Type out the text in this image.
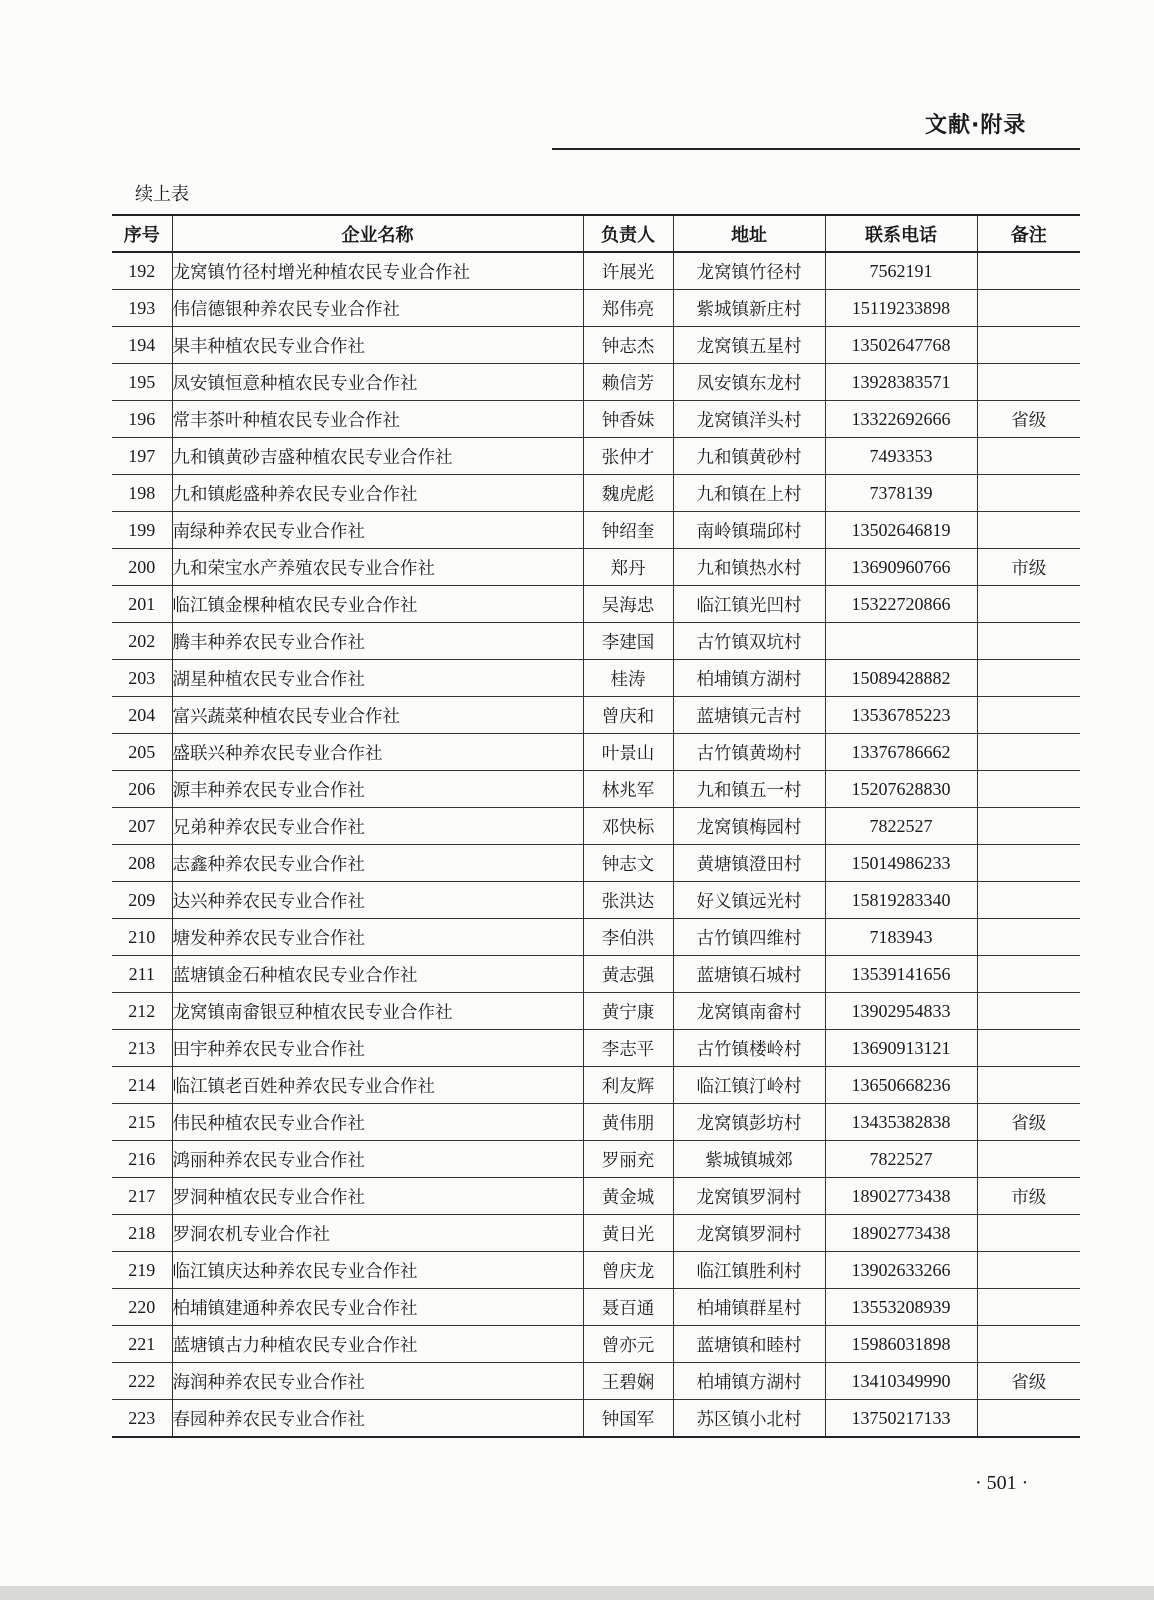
文献·附录
续上表
序号	企业名称	负责人	地址	联系电话	备注
192	龙窝镇竹径村增光种植农民专业合作社	许展光	龙窝镇竹径村	7562191	
193	伟信德银种养农民专业合作社	郑伟亮	紫城镇新庄村	15119233898	
194	果丰种植农民专业合作社	钟志杰	龙窝镇五星村	13502647768	
195	凤安镇恒意种植农民专业合作社	赖信芳	凤安镇东龙村	13928383571	
196	常丰茶叶种植农民专业合作社	钟香妹	龙窝镇洋头村	13322692666	省级
197	九和镇黄砂吉盛种植农民专业合作社	张仲才	九和镇黄砂村	7493353	
198	九和镇彪盛种养农民专业合作社	魏虎彪	九和镇在上村	7378139	
199	南绿种养农民专业合作社	钟绍奎	南岭镇瑞邱村	13502646819	
200	九和荣宝水产养殖农民专业合作社	郑丹	九和镇热水村	13690960766	市级
201	临江镇金棵种植农民专业合作社	吴海忠	临江镇光凹村	15322720866	
202	腾丰种养农民专业合作社	李建国	古竹镇双坑村		
203	湖星种植农民专业合作社	桂涛	柏埔镇方湖村	15089428882	
204	富兴蔬菜种植农民专业合作社	曾庆和	蓝塘镇元吉村	13536785223	
205	盛联兴种养农民专业合作社	叶景山	古竹镇黄坳村	13376786662	
206	源丰种养农民专业合作社	林兆军	九和镇五一村	15207628830	
207	兄弟种养农民专业合作社	邓快标	龙窝镇梅园村	7822527	
208	志鑫种养农民专业合作社	钟志文	黄塘镇澄田村	15014986233	
209	达兴种养农民专业合作社	张洪达	好义镇远光村	15819283340	
210	塘发种养农民专业合作社	李伯洪	古竹镇四维村	7183943	
211	蓝塘镇金石种植农民专业合作社	黄志强	蓝塘镇石城村	13539141656	
212	龙窝镇南畲银豆种植农民专业合作社	黄宁康	龙窝镇南畲村	13902954833	
213	田宇种养农民专业合作社	李志平	古竹镇楼岭村	13690913121	
214	临江镇老百姓种养农民专业合作社	利友辉	临江镇汀岭村	13650668236	
215	伟民种植农民专业合作社	黄伟朋	龙窝镇彭坊村	13435382838	省级
216	鸿丽种养农民专业合作社	罗丽充	紫城镇城郊	7822527	
217	罗洞种植农民专业合作社	黄金城	龙窝镇罗洞村	18902773438	市级
218	罗洞农机专业合作社	黄日光	龙窝镇罗洞村	18902773438	
219	临江镇庆达种养农民专业合作社	曾庆龙	临江镇胜利村	13902633266	
220	柏埔镇建通种养农民专业合作社	聂百通	柏埔镇群星村	13553208939	
221	蓝塘镇古力种植农民专业合作社	曾亦元	蓝塘镇和睦村	15986031898	
222	海润种养农民专业合作社	王碧娴	柏埔镇方湖村	13410349990	省级
223	春园种养农民专业合作社	钟国军	苏区镇小北村	13750217133	
· 501 ·
